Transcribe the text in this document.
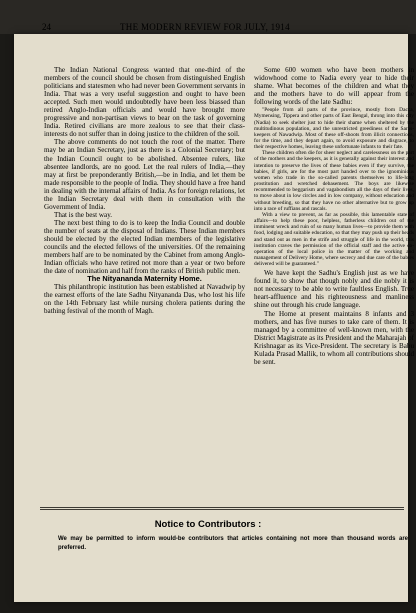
24	THE MODERN REVIEW FOR JULY, 1914

The Indian National Congress wanted that one-third of the members of the council should be chosen from distinguished English politicians and statesmen who had never been Government servants in India. That was a very useful suggestion and ought to have been accepted. Such men would undoubtedly have been less biassed than retired Anglo-Indian officials and would have brought more progressive and non-partisan views to bear on the task of governing India. Retired civilians are more zealous to see that their class-interests do not suffer than in doing justice to the children of the soil.

The above comments do not touch the root of the matter. There may be an Indian Secretary, just as there is a Colonial Secretary; but the Indian Council ought to be abolished. Absentee rulers, like absentee landlords, are no good. Let the real rulers of India,—they may at first be preponderantly British,—be in India, and let them be made responsible to the people of India. They should have a free hand in dealing with the internal affairs of India. As for foreign relations, let the Indian Secretary deal with them in consultation with the Government of India.

That is the best way.

The next best thing to do is to keep the India Council and double the number of seats at the disposal of Indians. These Indian members should be elected by the elected Indian members of the legislative councils and the elected fellows of the universities. Of the remaining members half are to be nominated by the Cabinet from among Anglo-Indian officials who have retired not more than a year or two before the date of nomination and half from the ranks of British public men.

The Nityananda Maternity Home.

This philanthropic institution has been established at Navadwip by the earnest efforts of the late Sadhu Nityananda Das, who lost his life on the 14th February last while nursing cholera patients during the bathing festival of the month of Magh.

Some 600 women who have been mothers in widowhood come to Nadia every year to hide their shame. What becomes of the children and what they and the mothers have to do will appear from the following words of the late Sadhu:

"People from all parts of the province, mostly from Dacca, Mymensing, Tippera and other parts of East Bengal, throng into this city (Nadia) to seek shelter just to hide their shame when sheltered by the multitudinous population, and the unrestricted greediness of the Saras-keepers of Nawadwip. Most of these off-shoots from illicit connections, for the time, and they depart again, to avoid exposure and disgrace, to their respective homes, leaving these unfortunate infants to their fate.

These children often die for sheer neglect and carelessness on the part of the mothers and the keepers, as it is generally against their interest and intention to preserve the lives of these babies even if they survive, the babies, if girls, are for the most part handed over to the ignominious women who trade in the so-called parents themselves to life-long prostitution and wretched debasement. The boys are likewise recommended to beggarism and vagabondism all the days of their lives, to move about in low circles and in low company, without education and without breeding, so that they have no other alternative but to grow up into a race of ruffians and rascals.

With a view to prevent, as far as possible, this lamentable state of affairs—to help these poor, helpless, fatherless children out of the imminent wreck and ruin of so many human lives—to provide them with food, lodging and suitable education, so that they may push up their heads and stand out as men in the strife and struggle of life in the world, this institution craves the permission of the official staff and the active co-operation of the local police in the matter of the working and management of Delivery Home, where secrecy and due care of the babies delivered will be guaranteed."

We have kept the Sadhu's English just as we have found it, to show that though nobly and die nobly it is not necessary to be able to write faultless English. True heart-affluence and his righteousness and manliness shine out through his crude language.

The Home at present maintains 8 infants and 3 mothers, and has five nurses to take care of them. It is managed by a committee of well-known men, with the District Magistrate as its President and the Maharajah of Krishnagar as its Vice-President. The secretary is Babu Kulada Prasad Mallik, to whom all contributions should be sent.

Notice to Contributors :
We may be permitted to inform would-be contributors that articles containing not more than thousand words are preferred.
